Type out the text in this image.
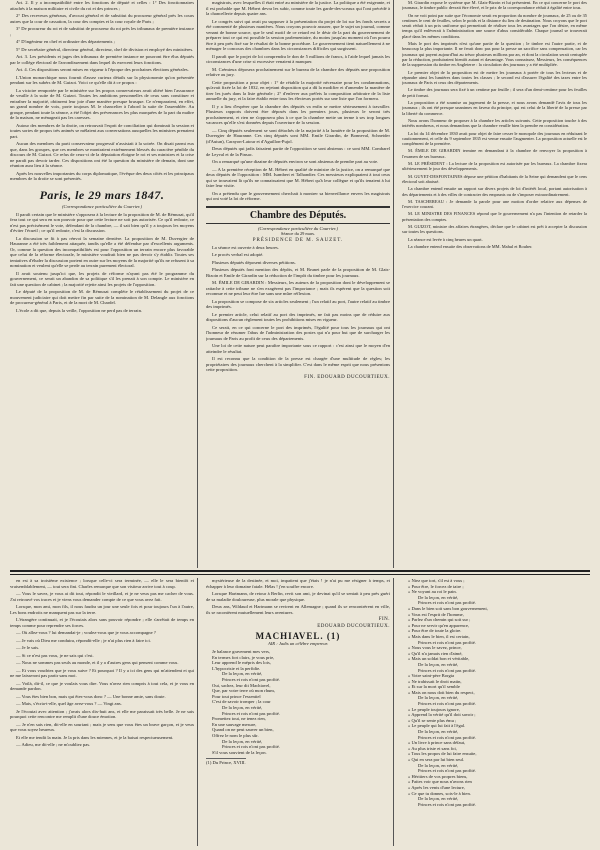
Art. 2. Il y a incompatibilité entre les fonctions de député et celles : 1° Des fonctionnaires attachés à la maison militaire et civile du roi et des princes ;

2° Des receveurs généraux, d'avocat général et de substitut du procureur général près les cours autres que la cour de cassation, la cour des comptes et la cour royale de Paris ;

3° De procureur du roi et de substitut de procureur du roi près les tribunaux de première instance ;

4° D'ingénieur en chef et ordinaire des départements ;

5° De secrétaire général, directeur général, directeur, chef de division et employé des ministères.

Art. 3. Les présidents et juges des tribunaux de première instance ne pourront être élus députés par le collège électoral de l'arrondissement dans lequel ils exercent leurs fonctions.

Art. 4. Ces dispositions seront mises en vigueur à l'époque des prochaines élections générales.

L'Union monarchique nous fournit d'assez curieux détails sur la physionomie qu'on présentée pendant sur les subérs de M. Guizot. Voici ce qu'elle dit à ce propos :

La victoire remportée par le ministère sur les propos conservateurs avait altéré bien l'assurance de veuille à la suite de M. Guizot. Toutes les ambitions personnelles de ceux sans constituer et entraîner la majorité, obtinrent leur joie d'une manière presque brusque. Ce n'emparaient, en effet, un grand nombre de voix, porte toujours M. le chancelier à l'abord la suite de l'assemblée. Au groupe, pendant toute la séance, a été l'objet des prévenances les plus marquées de la part du maître de la maison, ne ménageait pas les caresses.

Autour des membres de la droite, on retrouvait l'esprit de conciliation qui dominait la session et toutes sortes de propos très animés se mêlaient aux conversations auxquelles les ministres prenaient part.

Aucun des membres du parti conservateur progressif n'assistait à la soirée. On disait parmi eux que, dans les groupes, que ces membres se montraient extrêmement blessés du caractère pénible du discours de M. Guizot. Ce refus de ceux-ci de la députation éloigne le roi et ses ministres et la crise ne paraît pas devoir tarder. Ces dispositions ont été la question du ministère de demain, dont une réunion aura lieu à la séance.

Après les nouvelles importantes du corps diplomatique, l'évêque des deux côtés et les principaux membres de la droite se sont présentés.

Paris, le 29 mars 1847.
(Correspondance particulière du Courrier.)

Il paraît certain que le ministère s'opposera à la lecture de la proposition de M. de Rémusat, qu'il fera tout ce qui sera en son pouvoir pour que cette lecture ne soit pas autorisée. Ce qu'il redoute, ce n'est pas précisément le vote, défendant de la chambre, — il sait bien qu'il y a toujours les moyens d'éviter l'écueil ; ce qu'il redoute, c'est la discussion.

La discussion se fit à pas rénvoi la semaine dernière. La proposition de M. Duvergier de Hauranne a été très faiblement attaquée, tandis qu'elle a été défendue par d'excellents arguments. Or, comme la question des incompatibilités est pour l'opposition un terrain encore plus favorable que celui de la réforme électorale, le ministère voudrait bien ne pas devoir s'y établir. Toutes ses tentatives d'éluder la discussion portent en outre sur les moyens de la majorité qu'ils ne refusent à sa nomination et veulent qu'elle se perde au terrain purement électoral.

Il avait soutenu jusqu'ici que, les projets de réforme n'ayant pas été le programme du gouvernement, ce serait un abandon de sa politique s'il les prenait à son compte. Le ministère en fait une question de cabinet ; la majorité rejette ainsi les projets de l'opposition.

Le député de la proposition de M. de Rémusat complète le rétablissement du projet de ce mouvement judiciaire qui doit mettre fin par suite de la nomination de M. Delangle aux fonctions de procureur-général à Paris, et de la mort de M. Chardel.

L'école a dit que, depuis la veille, l'opposition ne perd pas de terrain.

magistrats, avec lesquelles il était entré au ministère de la justice. La politique a été exigeante, et il est probable que M. Hébert devra les subir, comme toute les garde-des-sceaux qui l'ont précédé à la chancellerie depuis quatre ans.

Le congrès suivi qui avait pu supposer à la présentation du projet de loi sur les fonds secrets a été commenté de plusieurs manières. Nous croyons pouvoir assurer, que le sujet un journal, comme venant de bonne source, que le seul motif de ce retard est le désir de la part du gouvernement de préparer tout ce qui est possible la session parlementaire, du moins jusqu'au moment où l'on pourra être à peu près fixé sur le résultat de la bonne procédure. Le gouvernement tient naturellement à ne ménager le concours des chambres dans les circonstances difficiles qui surgissent.

Il paraît que le projet de loi comprendra le don de 5 millions de francs, à l'aide lequel jamais les circonstances d'une crise si excessive venaient à manquer.

M. Crémieux déposera prochainement sur le bureau de la chambre des députés une proposition relative au jury.

Cette proposition a pour objet : 1° de rétablir la majorité nécessaire pour les condamnations, qu'avait fixée la loi de 1832, en rejetant disposition qui a dû la modifier et d'amender la manière de tirer les jurés dans la liste générale ; 2° d'enlever aux préfets la composition arbitraire de la liste annuelle du jury, et la faire établir entre tous les électeurs portés sur une liste que l'on formera.

Il y a lieu d'espérer que la chambre des députés va enfin se mettre sérieusement à travailler. Plusieurs rapports doivent être déposés dans les premiers jours, plusieurs le seront très prochainement, et rien ne s'opposera plus à ce que la chambre mette un terme à ses trop longues vacances qu'elle s'est données depuis l'ouverture de la session.

— Cinq députés seulement se sont détachés de la majorité à la lumière de la proposition de M. Duvergier de Hauranne. Ces cinq députés sont MM. Emile Girardin, de Bonneval, Schneider (d'Autun), Carayon-Latour et d'Aguillon-Pujol.

Deux députés qui jadis faisaient partie de l'opposition se sont abstenus : ce sont MM. Combarel de Leyval et de la Pinsac.

On a remarqué qu'une dizaine de députés environ se sont abstenus de prendre part au vote.

— A la première réception de M. Hébert en qualité de ministre de la justice, on a remarqué que deux députés de l'opposition : MM. Isambert et Talhandier. Ces messieurs expliquaient à tout ceux qui se trouvaient là qu'ils ne connaissaient que M. Hébert qu'à leur collègue et qu'ils tenaient à lui faire leur visite.

On a prétendu que le gouvernement cherchait à montrer sa bienveillance envers les magistrats qui ont voté la loi de réforme.

Chambre des Députés.
(Correspondance particulière du Courrier.)
Séance du 29 mars.
PRÉSIDENCE DE M. SAUZET.

La séance est ouverte à deux heures.

Le procès verbal est adopté.

Plusieurs députés déposent diverses pétitions.

Plusieurs députés font mention des dépôts, et M. Brunet parle de la proposition de M. Glais-Bizoin et Emile de Girardin sur la réduction de l'impôt du timbre pour les journaux.

M. ÉMILE DE GIRARDIN : Messieurs, les auteurs de la proposition dont le développement se rattache à cette tribune ne s'en exagèrent pas l'importance ; mais ils espèrent que la question soit reconnue et ne peut leur être lue sans une mûre réflexion.

La proposition se compose de six articles seulement ; l'un relatif au port, l'autre relatif au timbre des imprimés.

Le premier article, celui relatif au port des imprimés, ne fait pas moins que de réduire aux dispositions d'aucun règlement toutes les prohibitions mises en vigueur.

Ce serait, en ce qui concerne le port des imprimés, l'égalité pour tous les journaux qui ont l'honneur de résumer l'abus de l'administration des postes qui n'a pour but que de surcharger les journaux de Paris au profit de ceux des départements.

Une loi de cette nature peut paraître importante sous ce rapport : c'est ainsi que le moyen d'en atteindre le résultat.

Il est reconnu que la condition de la presse est chargée d'une multitude de règles; les propriétaires des journaux cherchent à la simplifier. C'est dans le même esprit que nous présentons cette proposition.

FIN. EDOUARD DUCOURTIEUX.

M. Girardin expose le système que M. Glais-Bizoin et lui présentent. En ce qui concerne le port des journaux, le timbre public devrait être élevé, et le prix de la correspondance réduit à égalité entre tous.

On ne voit point par suite que l'économie serait en proportion du nombre de journaux, de 25 ou de 35 centimes le cent de feuilles, selon le poids et la distance du lieu de destination. Nous croyons que le port serait réduit à un prix uniforme qui permettrait de réaliser tous les avantages que l'on désire, en même temps qu'il enlèverait à l'administration une source d'abus considérable. Chaque journal se trouverait placé dans les mêmes conditions.

Mais le port des imprimés n'est qu'une partie de la question ; le timbre est l'autre partie, et de beaucoup la plus importante. Il ne ferait donc pas pour la presse un sacrifice sans compensation, car les journaux qui payent aujourd'hui au trésor plusieurs millions par an, et dont la circulation serait centuplée par la réduction, produiraient bientôt autant et davantage. Vous connaissez, Messieurs, les conséquences de la suppression du timbre en Angleterre : la circulation des journaux y a été multipliée.

Le premier objet de la proposition est de mettre les journaux à portée de tous les lecteurs et de répandre ainsi les lumières dans toutes les classes ; le second est d'assurer l'égalité des taxes entre les journaux de Paris et ceux des départements.

Le timbre des journaux sera fixé à un centime par feuille ; il sera d'un demi-centime pour les feuilles de petit format.

La proposition a été soumise au jugement de la presse, et nous avons demandé l'avis de tous les journaux ; ils ont été presque unanimes en faveur du principe, qui est celui de la liberté de la presse par la liberté du commerce.

Nous avons l'honneur de proposer à la chambre les articles suivants. Cette proposition touche à des intérêts nombreux, et nous demandons que la chambre veuille bien la prendre en considération.

La loi du 14 décembre 1830 avait pour objet de faire cesser le monopole des journaux en réduisant le cautionnement, et celle du 9 septembre 1835 est venue ensuite l'augmenter. La proposition actuelle est le complément de la première.

M. ÉMILE DE GIRARDIN termine en demandant à la chambre de renvoyer la proposition à l'examen de ses bureaux.

M. LE PRÉSIDENT : La lecture de la proposition est autorisée par les bureaux. La chambre fixera ultérieurement le jour des développements.

M. GUYET-DESFONTAINES dépose une pétition d'habitants de la Seine qui demandent que le cens électoral soit abaissé.

La chambre entend ensuite un rapport sur divers projets de loi d'intérêt local, portant autorisation à des départements et à des villes de contracter des emprunts ou de s'imposer extraordinairement.

M. TASCHEREAU : Je demande la parole pour une motion d'ordre relative aux dépenses de l'exercice courant.

M. LE MINISTRE DES FINANCES répond que le gouvernement n'a pas l'intention de retarder la présentation des comptes.

M. GUIZOT, ministre des affaires étrangères, déclare que le cabinet est prêt à accepter la discussion sur toutes les questions.

La séance est levée à cinq heures un quart.

La chambre entend ensuite des observations de MM. Mahul et Rouher.

en est à sa troisième existence ; lorsque celle-ci sera terminée, — elle le sera bientôt et vraisemblablement, — tout sera fini. Charles remarque que son visiteur arrive tout à coup.

— Vous le savez, je vous ai dit tout, répondit le vieillard, et je ne veux pas me cacher de vous. J'ai retrouvé vos traces et je viens vous demander compte de ce que vous avez fait.

Lorsque, mon ami, mon fils, il nous faudra un jour une seule fois et pour toujours l'un à l'autre, Les bons endroits ne manquent pas sur la terre.

L'étrangère continuait, et je l'écoutais alors sans pouvoir répondre ; elle s'arrêtait de temps en temps comme pour reprendre ses forces.

— Où allez-vous ? lui demandai-je ; voulez-vous que je vous accompagne ?

— Je vais où Dieu me conduira, répondit-elle ; je n'ai plus rien à faire ici.

— Je le sais.

— Si ce n'est pas vous, je ne sais qui c'est.

— Nous ne sommes pas seuls au monde, et il y a d'autres gens qui pensent comme vous.

— Et vous voudriez que je vous suive ? Et pourquoi ? Il y a ici des gens qui m'attendent et qui ne me laisseront pas partir sans moi.

— Voilà, dit-il, ce que je voulais vous dire. Vous n'avez rien compris à tout cela, et je vous en demande pardon.

— Vous êtes bien bon, mais qui êtes-vous donc ? — Une bonne amie, sans doute.

— Mais, s'écria-t-elle, quel âge avez-vous ? — Vingt ans.

Je l'écoutai avec attention ; j'avais alors dix-huit ans, et elle me paraissait très belle. Je ne sais pourquoi cette rencontre me remplit d'une douce émotion.

— Je n'en sais rien, dit-elle en souriant ; mais je sens que vous êtes un brave garçon, et je veux que vous soyez heureux.

Et elle me tendit la main. Je la pris dans les miennes, et je la baisai respectueusement.

— Adieu, me dit-elle ; ne m'oubliez pas.

mystérieuse de la destinée, et moi, impatient que j'étais ! je n'ai pu me résigner à temps, et échapper à leur domaine fatale. Hélas ! j'en souffre encore.

Lorsque Hartmann, de retour à Berlin, revit son ami, je devinai qu'il se sentait à peu près guéri de sa maladie douloureuse, plus morale que physique.

Deux ans, Wildaud et Hartmann se revirent en Allemagne ; quand ils se rencontrèrent en ville, ils se racontèrent mutuellement leurs aventures.

FIN.
EDOUARD DUCOURTIEUX.
MACHIAVEL. (1)
AIR : Jadis un célèbre empereur.
Je balance gravement mes vers,
En termes fort clairs, je vous prie,
Leur apprend le mépris des lois,
L'hypocrisie et la perfidie.
De la leçon, en vérité,
Princes et rois n'ont pas profité.
Oui, sachez, leur dit Machiavel,
Que, par votre terre où mon rhum,
Pour tout prince l'essentiel
C'est de savoir tromper ; la cour
De la leçon, en vérité,
Princes et rois n'ont pas profité.
Promettez tout, ne tenez rien,
En une sauvage mesure,
Quand on ne peut sauver un bien,
Offrez le nom le plus sûr.
De la leçon, en vérité,
Princes et rois n'ont pas profité.
S'il vous souvient de la leçon.
(1) Du Prince, XVIII.
« Niez que tort, s'il est à vous ;
« Pour être, le forcez de taire ;
« Ne voyant au roi le pain.
De la leçon, en vérité,
Princes et rois n'ont pas profité.
« Dans le bien soit sans bon gouvernement,
« Vous est l'esprit de l'homme,
« Parlez d'un chemin qui soit sur ;
« Pour ne servir qu'en apparence,
« Pour être de toute la gloire.
« Mais dans le bien, il est certain,
Princes et rois n'ont pas profité.
« Nous vous le savez, prince,
« Qu'il n'a jamais rien d'aimé,
« Mais un soldat bon et véritable,
De la leçon, en vérité,
Princes et rois n'ont pas profité.
« Votre saint-père Borgia
« Ne trahissait le droit matin,
« Et sur la mort qu'il semble
« Mais on nous doit bien du respect,
De la leçon, en vérité,
Princes et rois n'ont pas profité.
« Le peuple toujours ignore,
« Apprend la vérité qu'il doit savoir ;
« Qu'il se sente plus ému ;
« Le peuple qui lui fait à l'égal.
De la leçon, en vérité,
Princes et rois n'ont pas profité.
« Un livre à prince sans défaut,
« Au plus triste et sans foi,
« Tous les propos de lui faire ensuite,
« Qui en sera par lui bien seul.
De la leçon, en vérité,
Princes et rois n'ont pas profité.
« Héritiers de vos propres biens,
« Faites voir que nous n'avons rien
« Après les vents d'une lecture,
« Ce que tu donnes, sois-le à bien.
De la leçon, en vérité,
Princes et rois n'ont pas profité.
